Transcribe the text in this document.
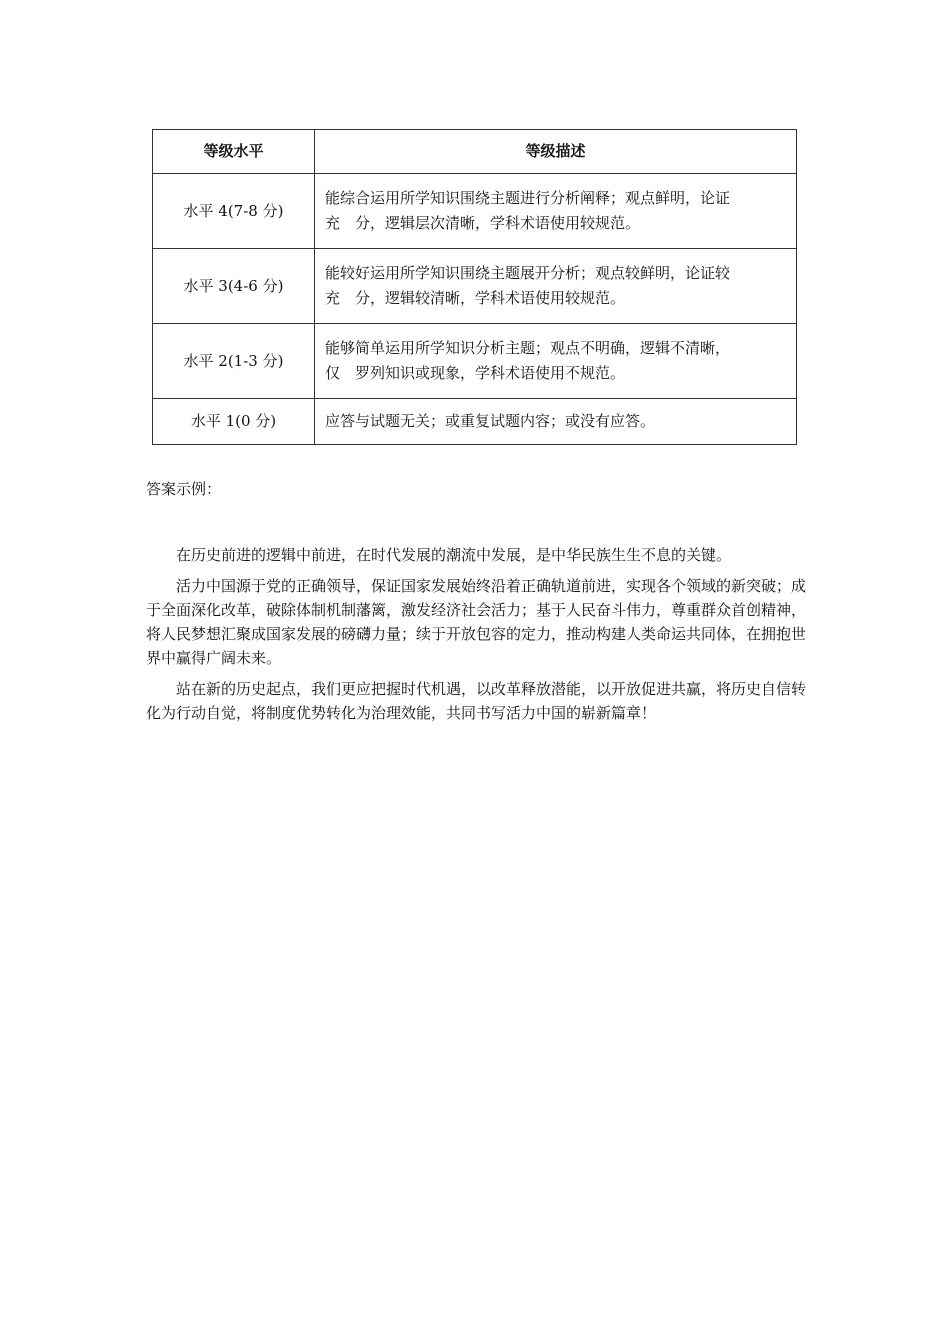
等级水平	等级描述
水平 4(7-8 分)	能综合运用所学知识围绕主题进行分析阐释；观点鲜明，论证
充　分，逻辑层次清晰，学科术语使用较规范。

水平 3(4-6 分)	能较好运用所学知识围绕主题展开分析；观点较鲜明，论证较
充　分，逻辑较清晰，学科术语使用较规范。

水平 2(1-3 分)	能够简单运用所学知识分析主题；观点不明确，逻辑不清晰，
仅　罗列知识或现象，学科术语使用不规范。

水平 1(0 分)	应答与试题无关；或重复试题内容；或没有应答。
答案示例：

在历史前进的逻辑中前进，在时代发展的潮流中发展，是中华民族生生不息的关键。

活力中国源于党的正确领导，保证国家发展始终沿着正确轨道前进，实现各个领域的新突破；成于全面深化改革，破除体制机制藩篱，激发经济社会活力；基于人民奋斗伟力，尊重群众首创精神，将人民梦想汇聚成国家发展的磅礴力量；续于开放包容的定力，推动构建人类命运共同体，在拥抱世界中赢得广阔未来。

站在新的历史起点，我们更应把握时代机遇，以改革释放潜能，以开放促进共赢，将历史自信转化为行动自觉，将制度优势转化为治理效能，共同书写活力中国的崭新篇章！
